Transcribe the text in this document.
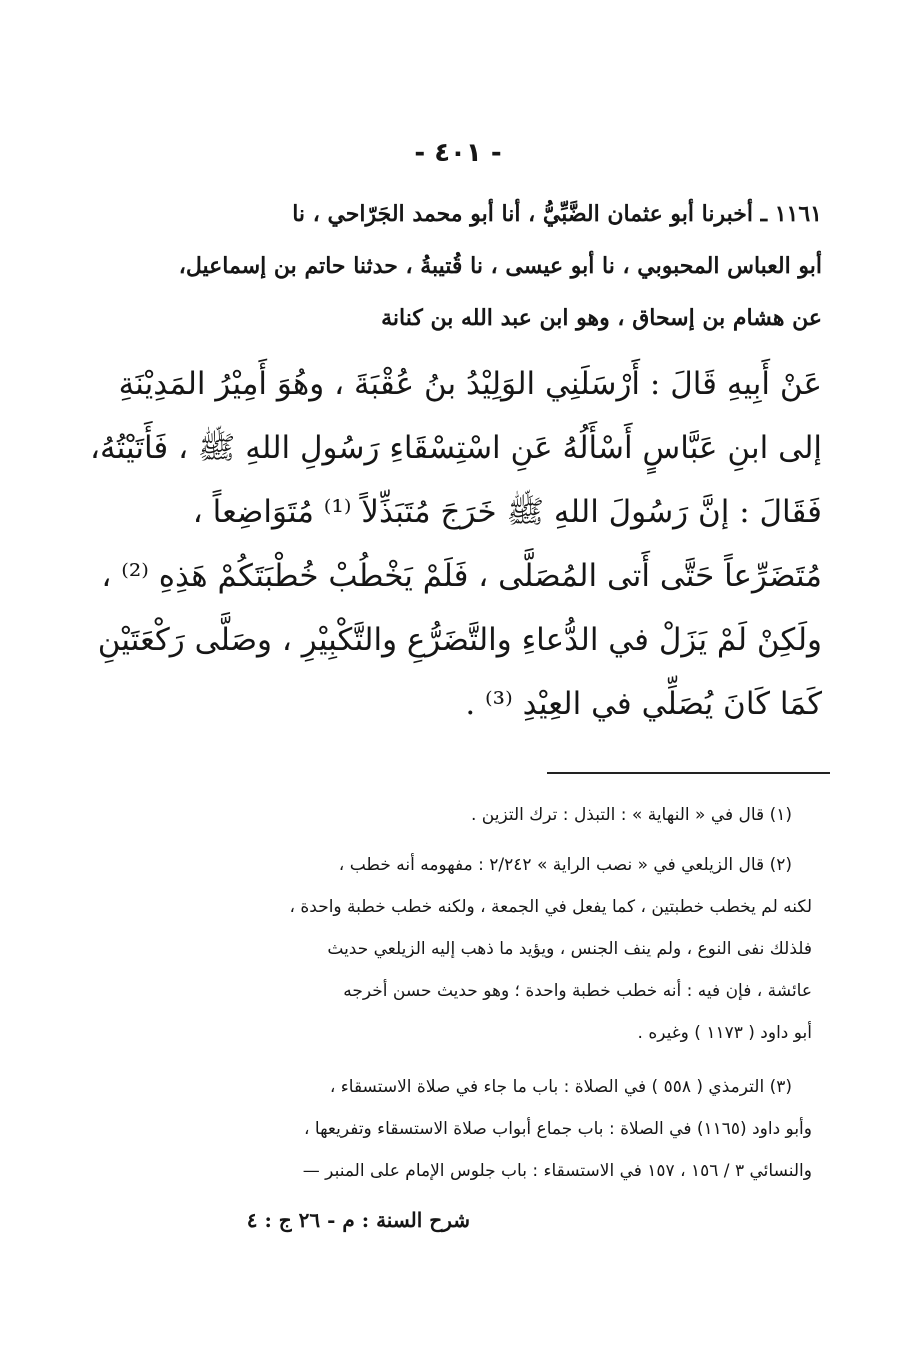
- ٤٠١ -
١١٦١ ـ أخبرنا أبو عثمان الضَّبِّيُّ ، أنا أبو محمد الجَرّاحي ، نا
أبو العباس المحبوبي ، نا أبو عيسى ، نا قُتيبةُ ، حدثنا حاتم بن إسماعيل،
عن هشام بن إسحاق ، وهو ابن عبد الله بن كنانة
عَنْ أَبِيهِ قَالَ : أَرْسَلَنِي الوَلِيْدُ بنُ عُقْبَةَ ، وهُوَ أَمِيْرُ المَدِيْنَةِ
إلى ابنِ عَبَّاسٍ أَسْأَلُهُ عَنِ اسْتِسْقَاءِ رَسُولِ اللهِ ﷺ ، فَأَتَيْتُهُ،
فَقَالَ : إنَّ رَسُولَ اللهِ ﷺ خَرَجَ مُتَبَذِّلاً ⁽¹⁾ مُتَوَاضِعاً ،
مُتَضَرِّعاً حَتَّى أَتى المُصَلَّى ، فَلَمْ يَخْطُبْ خُطْبَتَكُمْ هَذِهِ ⁽²⁾ ،
ولَكِنْ لَمْ يَزَلْ في الدُّعاءِ والتَّضَرُّعِ والتَّكْبِيْرِ ، وصَلَّى رَكْعَتَيْنِ
كَمَا كَانَ يُصَلِّي في العِيْدِ ⁽³⁾ .
(١) قال في « النهاية » : التبذل : ترك التزين .
(٢) قال الزيلعي في « نصب الراية » ٢/٢٤٢ : مفهومه أنه خطب ،
لكنه لم يخطب خطبتين ، كما يفعل في الجمعة ، ولكنه خطب خطبة واحدة ،
فلذلك نفى النوع ، ولم ينف الجنس ، ويؤيد ما ذهب إليه الزيلعي حديث
عائشة ، فإن فيه : أنه خطب خطبة واحدة ؛ وهو حديث حسن أخرجه
أبو داود ( ١١٧٣ ) وغيره .
(٣) الترمذي ( ٥٥٨ ) في الصلاة : باب ما جاء في صلاة الاستسقاء ،
وأبو داود (١١٦٥) في الصلاة : باب جماع أبواب صلاة الاستسقاء وتفريعها ،
والنسائي ٣ / ١٥٦ ، ١٥٧ في الاستسقاء : باب جلوس الإمام على المنبر —
شرح السنة : م - ٢٦ ج : ٤
